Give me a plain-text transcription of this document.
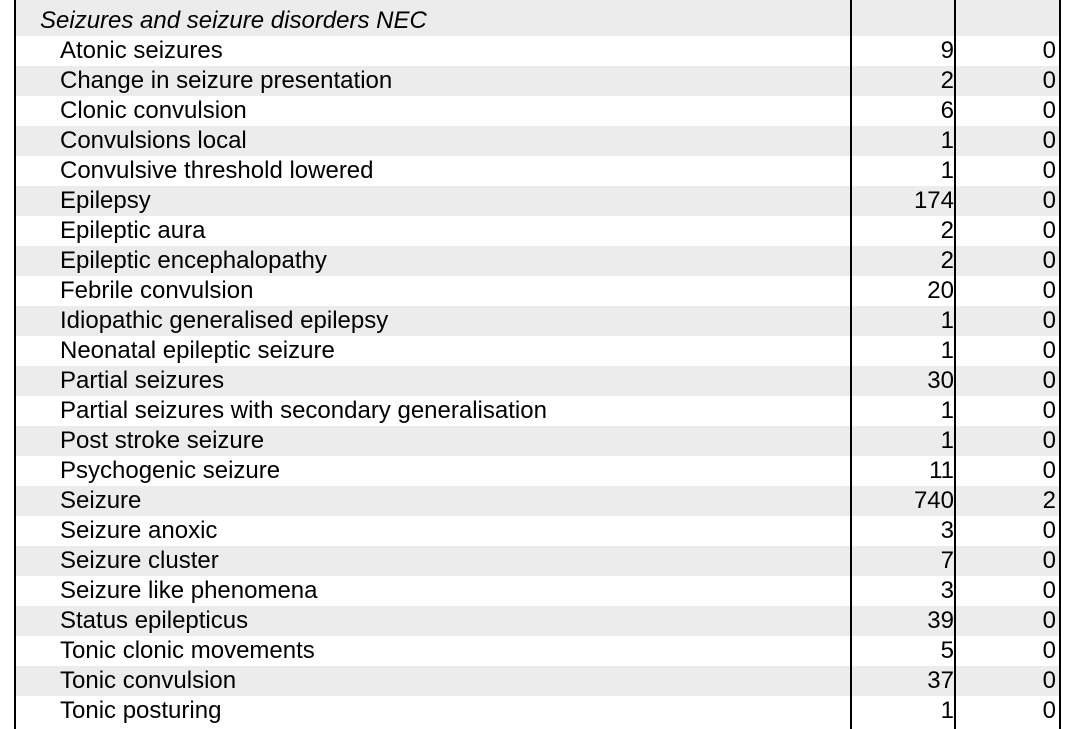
Seizures and seizure disorders NEC
Atonic seizures	9	0
Change in seizure presentation	2	0
Clonic convulsion	6	0
Convulsions local	1	0
Convulsive threshold lowered	1	0
Epilepsy	174	0
Epileptic aura	2	0
Epileptic encephalopathy	2	0
Febrile convulsion	20	0
Idiopathic generalised epilepsy	1	0
Neonatal epileptic seizure	1	0
Partial seizures	30	0
Partial seizures with secondary generalisation	1	0
Post stroke seizure	1	0
Psychogenic seizure	11	0
Seizure	740	2
Seizure anoxic	3	0
Seizure cluster	7	0
Seizure like phenomena	3	0
Status epilepticus	39	0
Tonic clonic movements	5	0
Tonic convulsion	37	0
Tonic posturing	1	0
